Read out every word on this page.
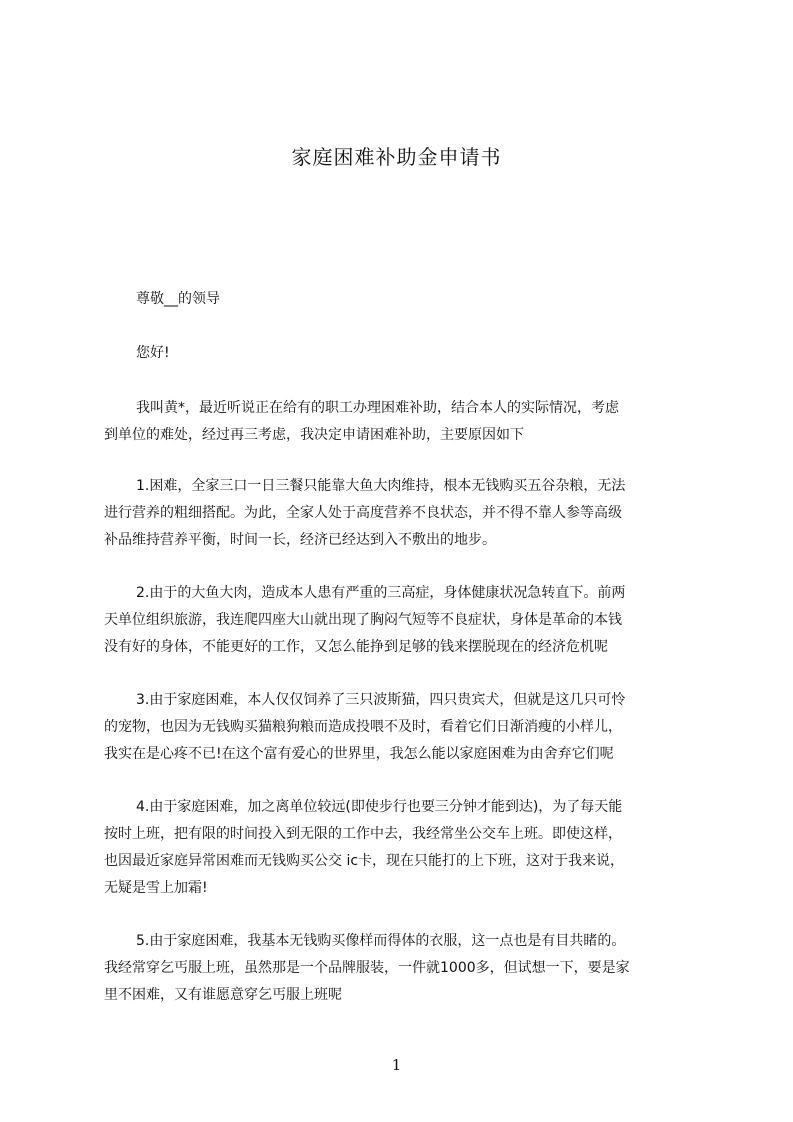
家庭困难补助金申请书
尊敬__的领导
您好!
我叫黄*，最近听说正在给有的职工办理困难补助，结合本人的实际情况，考虑
到单位的难处，经过再三考虑，我决定申请困难补助，主要原因如下
1.困难，全家三口一日三餐只能靠大鱼大肉维持，根本无钱购买五谷杂粮，无法
进行营养的粗细搭配。为此，全家人处于高度营养不良状态，并不得不靠人参等高级
补品维持营养平衡，时间一长，经济已经达到入不敷出的地步。
2.由于的大鱼大肉，造成本人患有严重的三高症，身体健康状况急转直下。前两
天单位组织旅游，我连爬四座大山就出现了胸闷气短等不良症状，身体是革命的本钱
没有好的身体，不能更好的工作，又怎么能挣到足够的钱来摆脱现在的经济危机呢
3.由于家庭困难，本人仅仅饲养了三只波斯猫，四只贵宾犬，但就是这几只可怜
的宠物，也因为无钱购买猫粮狗粮而造成投喂不及时，看着它们日渐消瘦的小样儿，
我实在是心疼不已!在这个富有爱心的世界里，我怎么能以家庭困难为由舍弃它们呢
4.由于家庭困难，加之离单位较远(即使步行也要三分钟才能到达)，为了每天能
按时上班，把有限的时间投入到无限的工作中去，我经常坐公交车上班。即使这样，
也因最近家庭异常困难而无钱购买公交 ic卡，现在只能打的上下班，这对于我来说，
无疑是雪上加霜!
5.由于家庭困难，我基本无钱购买像样而得体的衣服，这一点也是有目共睹的。
我经常穿乞丐服上班，虽然那是一个品牌服装，一件就1000多，但试想一下，要是家
里不困难，又有谁愿意穿乞丐服上班呢
1
